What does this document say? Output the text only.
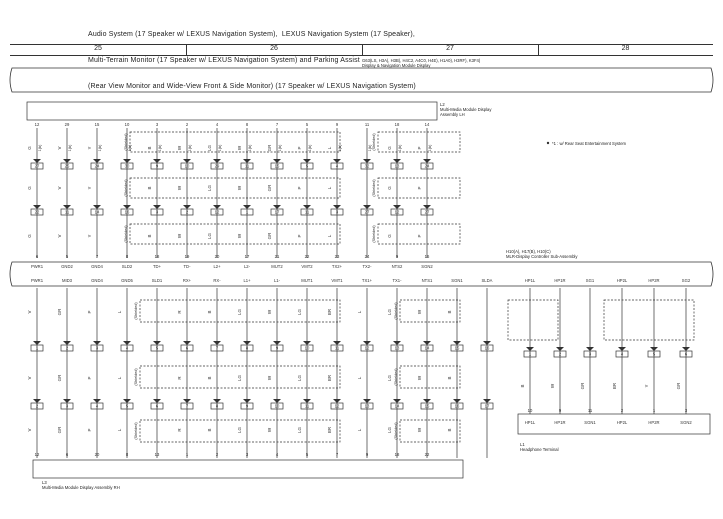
Audio System (17 Speaker w/ LEXUS Navigation System),  LEXUS Navigation System (17 Speaker),

Multi-Terrain Monitor (17 Speaker w/ LEXUS Navigation System) and Parking Assist

(Rear View Monitor and Wide-View Front & Side Monitor) (17 Speaker w/ LEXUS Navigation System)

25	26	27	28
12
G 1(b)
27
G
22
G
6
PWR1
29
V 1(b)
25
V
11
V
5
GND2
15
Y 1(b)
24
Y
14
Y
7
GND4
10
1(b)
30
16
8
SLD2
3
B 1(b)
9
B
3
B
18
TD+
2
W 1(b)
10
W
2
W
19
TD-
4
LG 1(b)
29
LG
12
LG
20
L2+
8
W 1(b)
11
W
1
W
17
L2-
7
GR 1(b)
15
GR
17
GR
21
MUT2
5
P 1(b)
5
P
11
P
22
VMT2
9
L 1(b)
4
L
3
L
23
TX2+
11
1(b)
32
27
24
TX2-
18
G 1(b)
13
G
12
G
9
NTS2
14
P 1(b)
24
P
27
P
16
SGN2
(Shielded)
(Shielded)
(Shielded)
(Shielded)
(Shielded)
(Shielded)
PWR1
V
1
V
2
V
MID3
GR
2
GR
3
GR
GND4
P
3
P
4
P
GND5
L
4
L
5
L
SLD1
5
6
RX+
R
6
R
7
R
RX-
B
7
B
8
B
L1+
LG
8
LG
9
LG
L1-
W
9
W
10
W
MUT1
LG
10
LG
11
LG
VMT1
BR
11
BR
12
BR
TX1+
L
12
L
13
L
TX1-
LG
13
LG
14
LG
NTS1
W
14
W
15
W
SGN1
B
15
B
16
B
SLDA
16
17
(Shielded)
(Shielded)
(Shielded)
(Shielded)
(Shielded)
(Shielded)
HP1L
1
B
HP1R
2
W
SG1
3
GR
HP2L
4
BR
HP2R
5
Y
SG2
6
GR
10
HP1L
9
HP1R
11
SGN1
2
HP2L
1
HP2R
3
SGN2
12	6	20	8	13	1	2	3	4	5	7	9	18	22
G63(LS, H3A), H3B), H4C2, A4C0, H4E), H1A0), H3RF), K3F4)
Display & Navigation Module Display
L2
Multi-Media Module Display Assembly LH
*1 : w/ Rear Seat Entertainment System
H10(A), H17(B), H10(C)
MLR-Display Controller Sub-Assembly
L3
Multi-Media Module Display Assembly RH
L1
Headphone Terminal
